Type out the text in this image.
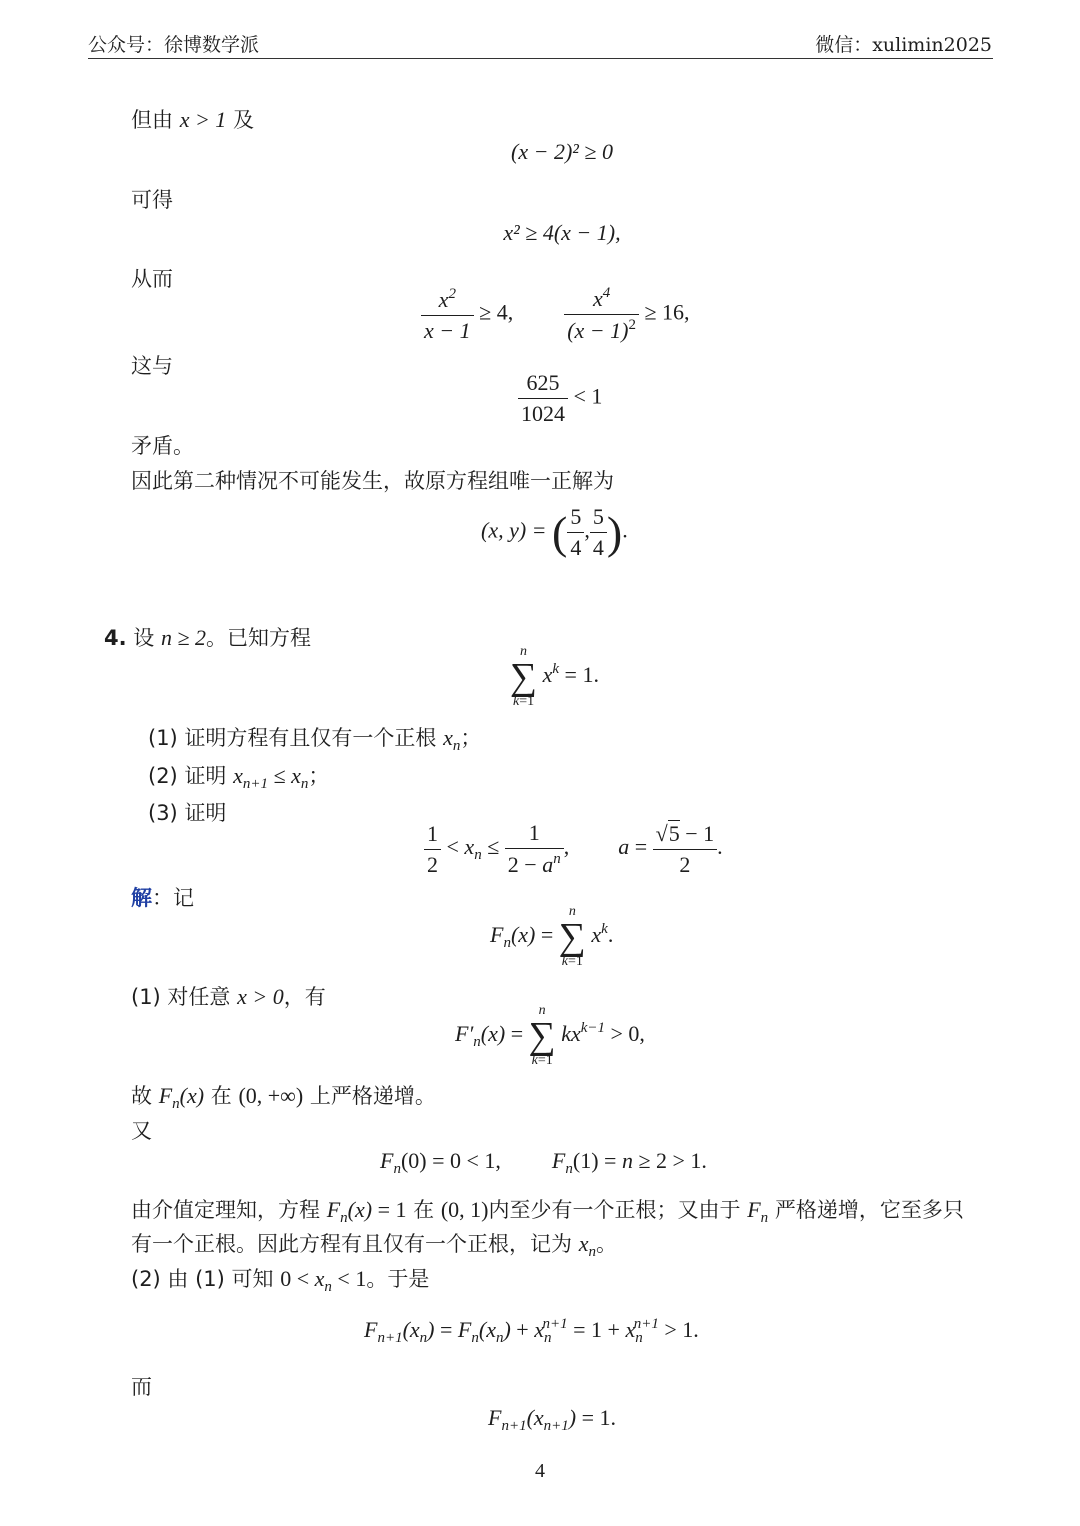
公众号：徐博数学派	微信：xulimin2025
但由 x > 1 及
(x − 2)² ≥ 0
可得
x² ≥ 4(x − 1),
从而
$\frac{x^2}{x - 1} \ge 4$, $\frac{x^4}{(x - 1)^2} \ge 16$,
这与
$\frac{625}{1024} < 1$
矛盾。
因此第二种情况不可能发生，故原方程组唯一正解为
(x, y) = ( $\frac{5}{4}$ , $\frac{5}{4}$ ).
4. 设 n ≥ 2。已知方程
n
∑
k=1
$x^k = 1$.
(1) 证明方程有且仅有一个正根 $x_n$；
(2) 证明 $x_{n+1} \le x_n$；
(3) 证明
$\frac{1}{2} < x_n \le \frac{1}{2 - a^n}$ ,  $a = \frac{√5 - 1}{2}$ .
解：记
$F_n(x)$ =
n
∑
k=1
$x^k$.
(1) 对任意 x > 0，有
$F'_n(x)$ =
n
∑
k=1
$kx^{k-1} > 0$,
故 $F_n(x)$ 在 (0, +∞) 上严格递增。
又
$F_n(0) = 0 < 1$,  $F_n(1) = n \ge 2 > 1$.
由介值定理知，方程 $F_n(x) = 1$ 在 (0, 1)内至少有一个正根；又由于 $F_n$ 严格递增，它至多只
有一个正根。因此方程有且仅有一个正根，记为 $x_n$。
(2) 由 (1) 可知 $0 < x_n < 1$。于是
$F_{n+1}(x_n) = F_n(x_n) + x_n^{n+1} = 1 + x_n^{n+1} > 1$.
而
$F_{n+1}(x_{n+1}) = 1$.
4
